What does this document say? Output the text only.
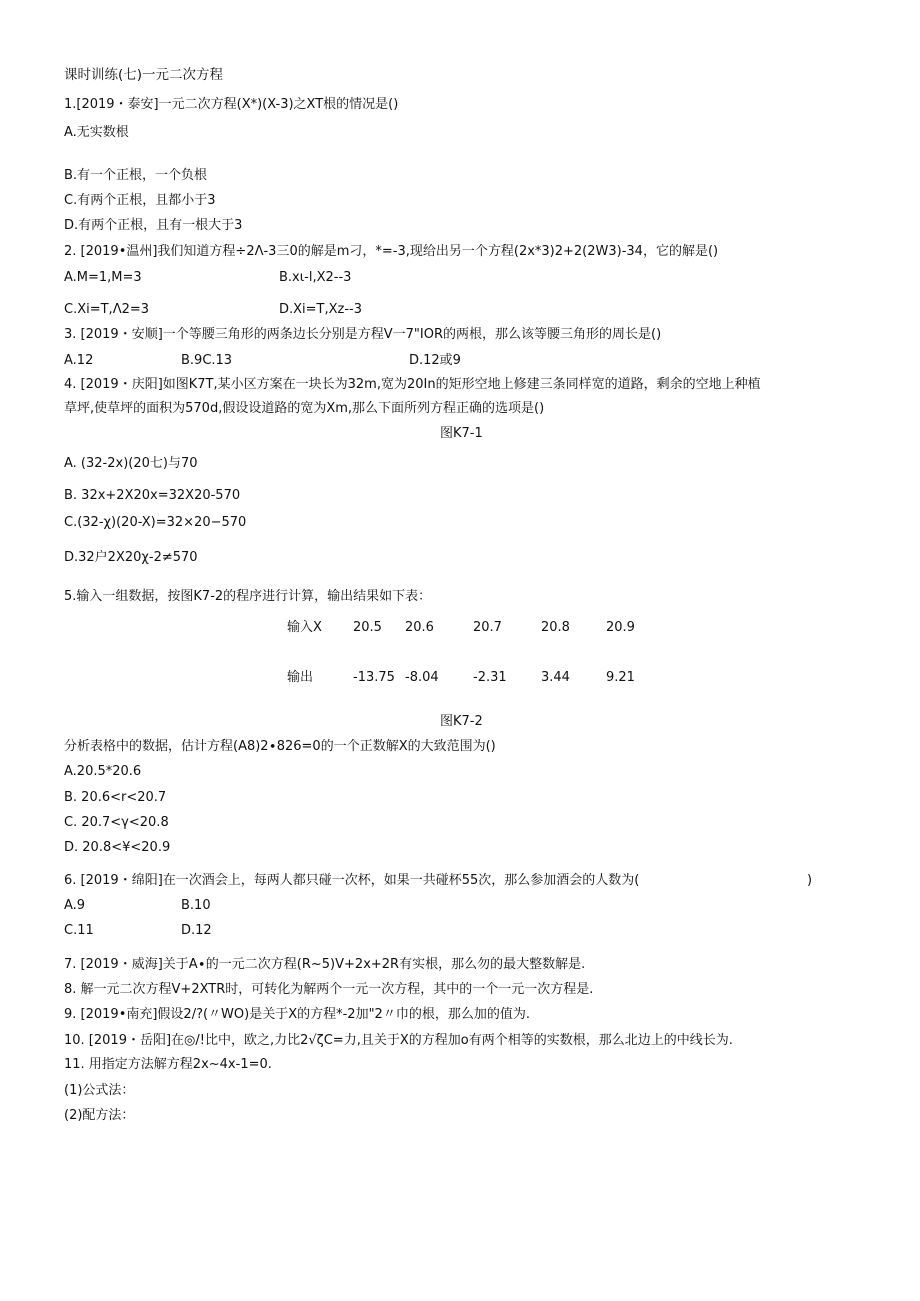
课时训练(七)一元二次方程
1.[2019・泰安]一元二次方程(X*)(X-3)之XT根的情况是()
A.无实数根
B.有一个正根，一个负根
C.有两个正根，且都小于3
D.有两个正根，且有一根大于3
2. [2019•温州]我们知道方程÷2Λ-3三0的解是m刁，*=-3,现给出另一个方程(2x*3)2+2(2W3)-34，它的解是()
A.M=1,M=3	B.xι-l,X2--3
C.Xi=T,Λ2=3	D.Xi=T,Xz--3
3. [2019・安顺]一个等腰三角形的两条边长分别是方程V一7"IOR的两根，那么该等腰三角形的周长是()
A.12	B.9C.13	D.12或9
4. [2019・庆阳]如图K7T,某小区方案在一块长为32m,宽为20In的矩形空地上修建三条同样宽的道路，剩余的空地上种植
草坪,使草坪的面积为570d,假设设道路的宽为Xm,那么下面所列方程正确的选项是()
图K7-1
A. (32-2x)(20七)与70
B. 32x+2X20x=32X20-570
C.(32-χ)(20-X)=32×20−570
D.32户2X20χ-2≠570
5.输入一组数据，按图K7-2的程序进行计算，输出结果如下表：
输入X 20.5 20.6	20.7	20.8	20.9
输出	-13.75 -8.04	-2.31	3.44	9.21
图K7-2
分析表格中的数据，估计方程(A8)2∙826=0的一个正数解X的大致范围为()
A.20.5*20.6
B. 20.6<r<20.7
C. 20.7<γ<20.8
D. 20.8<¥<20.9
6. [2019・绵阳]在一次酒会上，每两人都只碰一次杯，如果一共碰杯55次，那么参加酒会的人数为(	)
A.9	B.10
C.11	D.12
7. [2019・威海]关于A∙的一元二次方程(R~5)V+2x+2R有实根，那么勿的最大整数解是.
8. 解一元二次方程V+2XTR时，可转化为解两个一元一次方程，其中的一个一元一次方程是.
9. [2019•南充]假设2/?(〃WO)是关于X的方程*-2加"2〃巾的根，那么加的值为.
10. [2019・岳阳]在◎/!比中，欧之,力比2√ζC=力,且关于X的方程加o有两个相等的实数根，那么北边上的中线长为.
11. 用指定方法解方程2x~4x-1=0.
(1)公式法：
(2)配方法：
